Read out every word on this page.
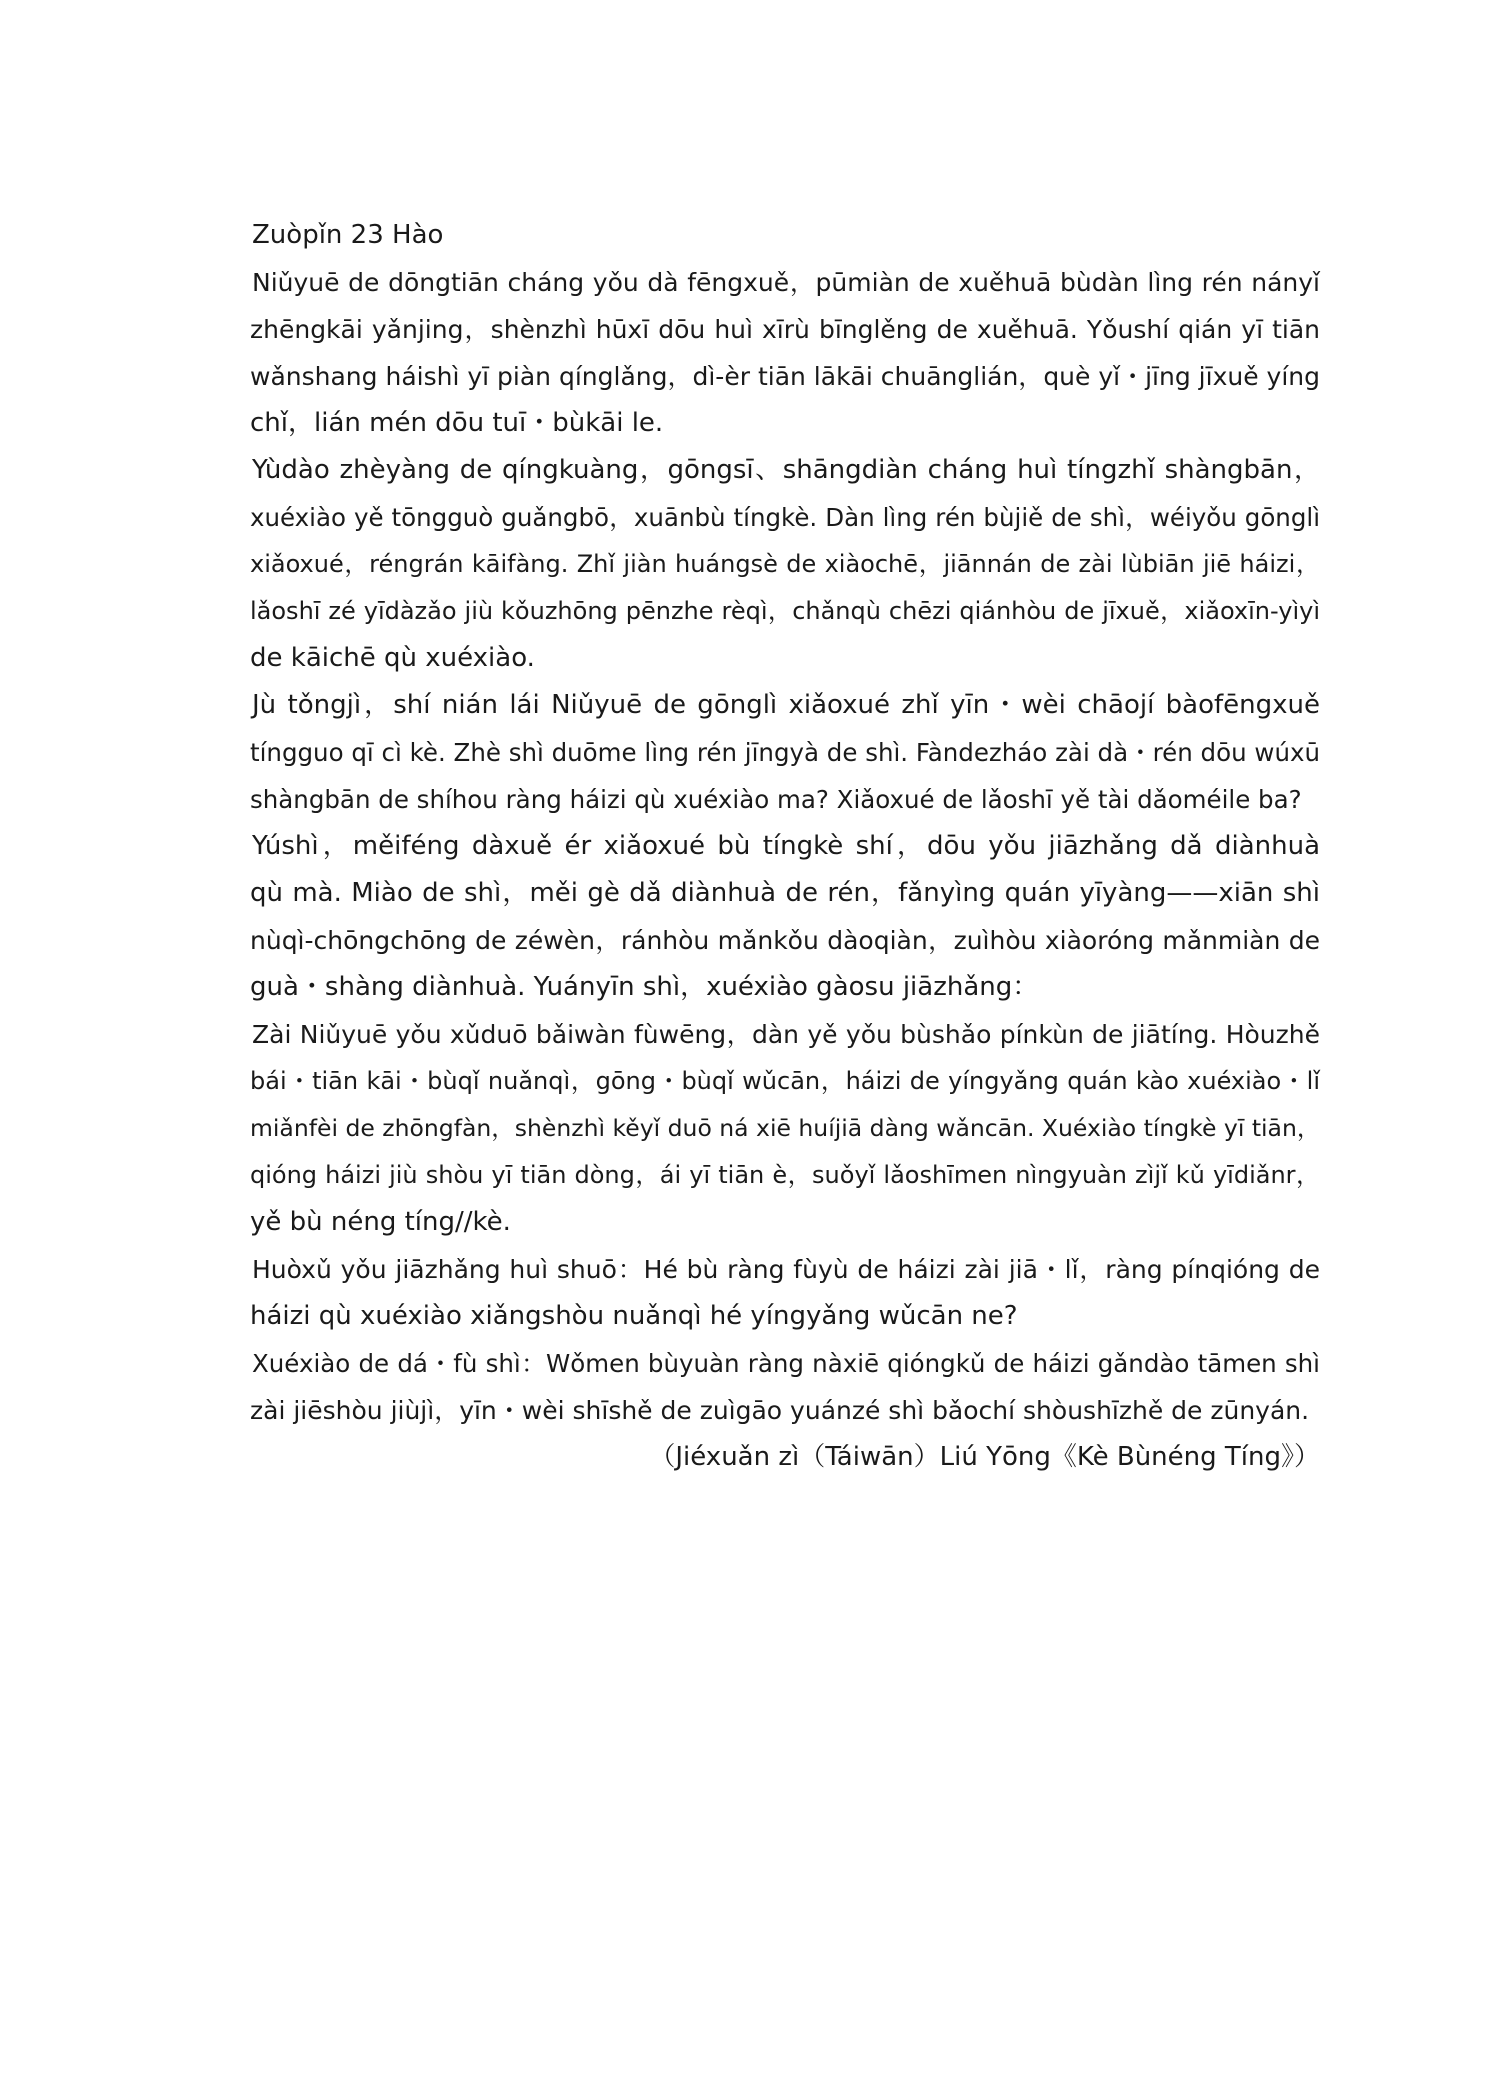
Zuòpǐn 23 Hào
Niǔyuē de dōngtiān cháng yǒu dà fēngxuě，pūmiàn de xuěhuā bùdàn lìng rén nányǐ
zhēngkāi yǎnjing，shènzhì hūxī dōu huì xīrù bīnglěng de xuěhuā. Yǒushí qián yī tiān
wǎnshang háishì yī piàn qínglǎng，dì-èr tiān lākāi chuānglián，què yǐ・jīng jīxuě yíng
chǐ，lián mén dōu tuī・bùkāi le.
Yùdào zhèyàng de qíngkuàng，gōngsī、shāngdiàn cháng huì tíngzhǐ shàngbān，
xuéxiào yě tōngguò guǎngbō，xuānbù tíngkè. Dàn lìng rén bùjiě de shì，wéiyǒu gōnglì
xiǎoxué，réngrán kāifàng. Zhǐ jiàn huángsè de xiàochē，jiānnán de zài lùbiān jiē háizi，
lǎoshī zé yīdàzǎo jiù kǒuzhōng pēnzhe rèqì，chǎnqù chēzi qiánhòu de jīxuě，xiǎoxīn-yìyì
de kāichē qù xuéxiào.
Jù tǒngjì，shí nián lái Niǔyuē de gōnglì xiǎoxué zhǐ yīn・wèi chāojí bàofēngxuě
tíngguo qī cì kè. Zhè shì duōme lìng rén jīngyà de shì. Fàndezháo zài dà・rén dōu wúxū
shàngbān de shíhou ràng háizi qù xuéxiào ma? Xiǎoxué de lǎoshī yě tài dǎoméile ba?
Yúshì，měiféng dàxuě ér xiǎoxué bù tíngkè shí，dōu yǒu jiāzhǎng dǎ diànhuà
qù mà. Miào de shì，měi gè dǎ diànhuà de rén，fǎnyìng quán yīyàng——xiān shì
nùqì-chōngchōng de zéwèn，ránhòu mǎnkǒu dàoqiàn，zuìhòu xiàoróng mǎnmiàn de
guà・shàng diànhuà. Yuányīn shì，xuéxiào gàosu jiāzhǎng：
Zài Niǔyuē yǒu xǔduō bǎiwàn fùwēng，dàn yě yǒu bùshǎo pínkùn de jiātíng. Hòuzhě
bái・tiān kāi・bùqǐ nuǎnqì，gōng・bùqǐ wǔcān，háizi de yíngyǎng quán kào xuéxiào・lǐ
miǎnfèi de zhōngfàn，shènzhì kěyǐ duō ná xiē huíjiā dàng wǎncān. Xuéxiào tíngkè yī tiān，
qióng háizi jiù shòu yī tiān dòng，ái yī tiān è，suǒyǐ lǎoshīmen nìngyuàn zìjǐ kǔ yīdiǎnr，
yě bù néng tíng//kè.
Huòxǔ yǒu jiāzhǎng huì shuō：Hé bù ràng fùyù de háizi zài jiā・lǐ，ràng pínqióng de
háizi qù xuéxiào xiǎngshòu nuǎnqì hé yíngyǎng wǔcān ne?
Xuéxiào de dá・fù shì：Wǒmen bùyuàn ràng nàxiē qióngkǔ de háizi gǎndào tāmen shì
zài jiēshòu jiùjì，yīn・wèi shīshě de zuìgāo yuánzé shì bǎochí shòushīzhě de zūnyán.
（Jiéxuǎn zì（Táiwān）Liú Yōng《Kè Bùnéng Tíng》）
